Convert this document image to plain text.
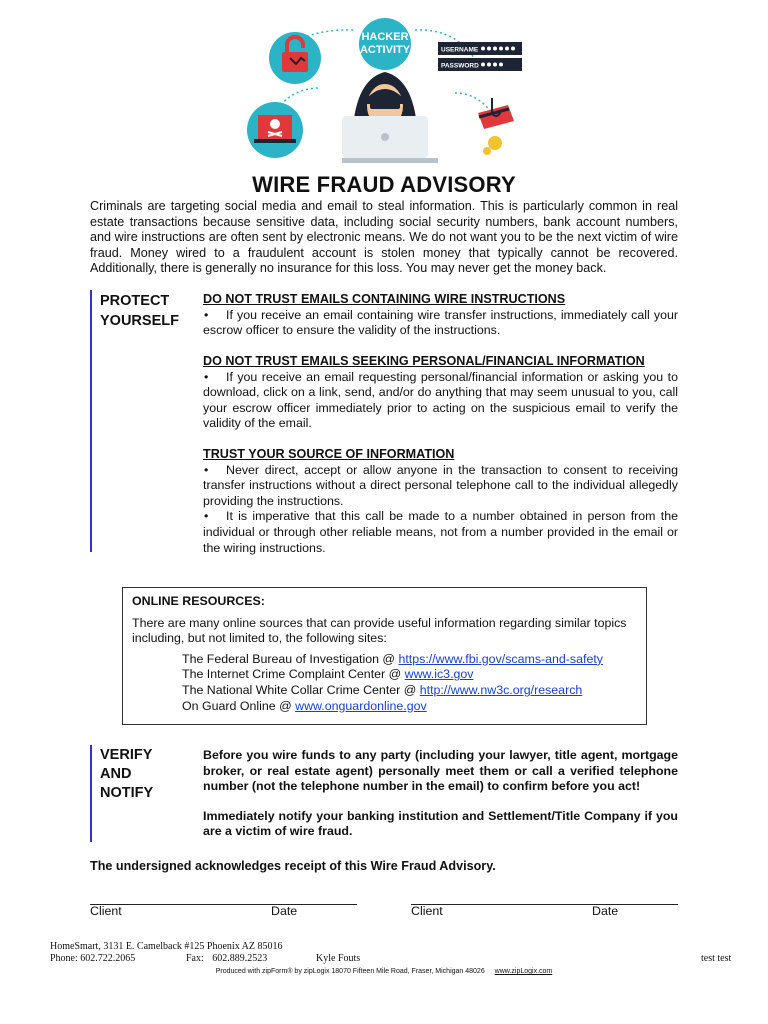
HACKER
ACTIVITY	USERNAME
PASSWORD
WIRE FRAUD ADVISORY
Criminals are targeting social media and email to steal information. This is particularly common in real estate transactions because sensitive data, including social security numbers, bank account numbers, and wire instructions are often sent by electronic means. We do not want you to be the next victim of wire fraud. Money wired to a fraudulent account is stolen money that typically cannot be recovered. Additionally, there is generally no insurance for this loss. You may never get the money back.
PROTECT
YOURSELF
DO NOT TRUST EMAILS CONTAINING WIRE INSTRUCTIONS

• If you receive an email containing wire transfer instructions, immediately call your escrow officer to ensure the validity of the instructions.

DO NOT TRUST EMAILS SEEKING PERSONAL/FINANCIAL INFORMATION

• If you receive an email requesting personal/financial information or asking you to download, click on a link, send, and/or do anything that may seem unusual to you, call your escrow officer immediately prior to acting on the suspicious email to verify the validity of the email.

TRUST YOUR SOURCE OF INFORMATION

• Never direct, accept or allow anyone in the transaction to consent to receiving transfer instructions without a direct personal telephone call to the individual allegedly providing the instructions.

• It is imperative that this call be made to a number obtained in person from the individual or through other reliable means, not from a number provided in the email or the wiring instructions.

ONLINE RESOURCES:
There are many online sources that can provide useful information regarding similar topics including, but not limited to, the following sites:
The Federal Bureau of Investigation @ https://www.fbi.gov/scams-and-safety
The Internet Crime Complaint Center @ www.ic3.gov
The National White Collar Crime Center @ http://www.nw3c.org/research
On Guard Online @ www.onguardonline.gov
VERIFY
AND
NOTIFY

Before you wire funds to any party (including your lawyer, title agent, mortgage broker, or real estate agent) personally meet them or call a verified telephone number (not the telephone number in the email) to confirm before you act!

Immediately notify your banking institution and Settlement/Title Company if you are a victim of wire fraud.

The undersigned acknowledges receipt of this Wire Fraud Advisory.
Client	Date	Client	Date
HomeSmart, 3131 E. Camelback #125 Phoenix AZ 85016
Phone: 602.722.2065	Fax: 602.889.2523	Kyle Fouts	test test
Produced with zipForm® by zipLogix 18070 Fifteen Mile Road, Fraser, Michigan 48026 www.zipLogix.com
